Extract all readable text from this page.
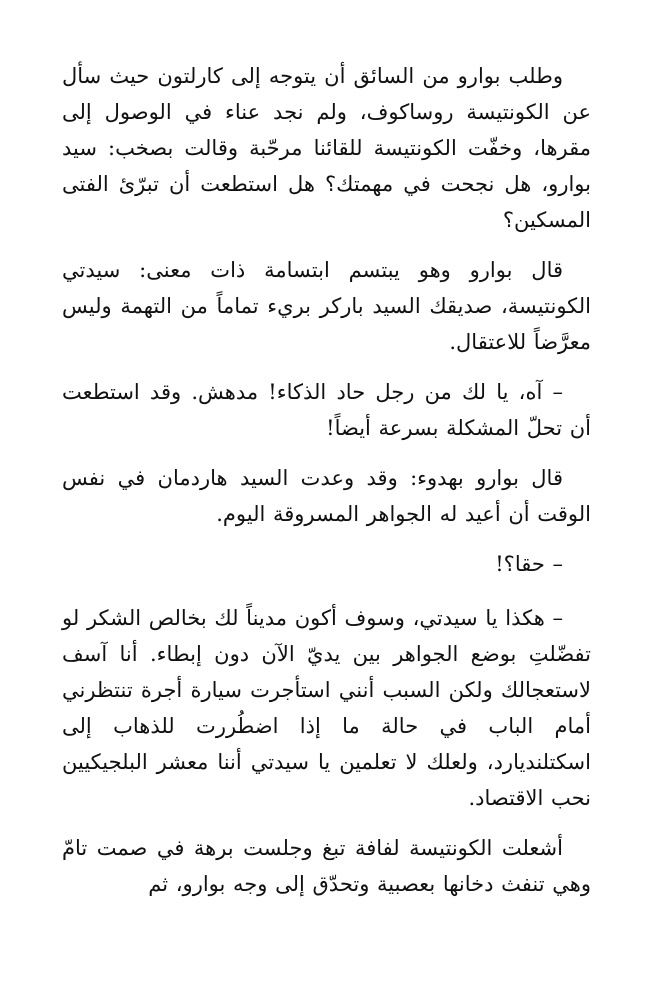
وطلب بوارو من السائق أن يتوجه إلى كارلتون حيث سأل عن الكونتيسة روساكوف، ولم نجد عناء في الوصول إلى مقرها، وخفّت الكونتيسة للقائنا مرحّبة وقالت بصخب: سيد بوارو، هل نجحت في مهمتك؟ هل استطعت أن تبرّئ الفتى المسكين؟

قال بوارو وهو يبتسم ابتسامة ذات معنى: سيدتي الكونتيسة، صديقك السيد باركر بريء تماماً من التهمة وليس معرَّضاً للاعتقال.

– آه، يا لك من رجل حاد الذكاء! مدهش. وقد استطعت أن تحلّ المشكلة بسرعة أيضاً!

قال بوارو بهدوء: وقد وعدت السيد هاردمان في نفس الوقت أن أعيد له الجواهر المسروقة اليوم.

– حقا؟!

– هكذا يا سيدتي، وسوف أكون مديناً لك بخالص الشكر لو تفضّلتِ بوضع الجواهر بين يديّ الآن دون إبطاء. أنا آسف لاستعجالك ولكن السبب أنني استأجرت سيارة أجرة تنتظرني أمام الباب في حالة ما إذا اضطُررت للذهاب إلى اسكتلنديارد، ولعلك لا تعلمين يا سيدتي أننا معشر البلجيكيين نحب الاقتصاد.

أشعلت الكونتيسة لفافة تبغ وجلست برهة في صمت تامّ وهي تنفث دخانها بعصبية وتحدّق إلى وجه بوارو، ثم
